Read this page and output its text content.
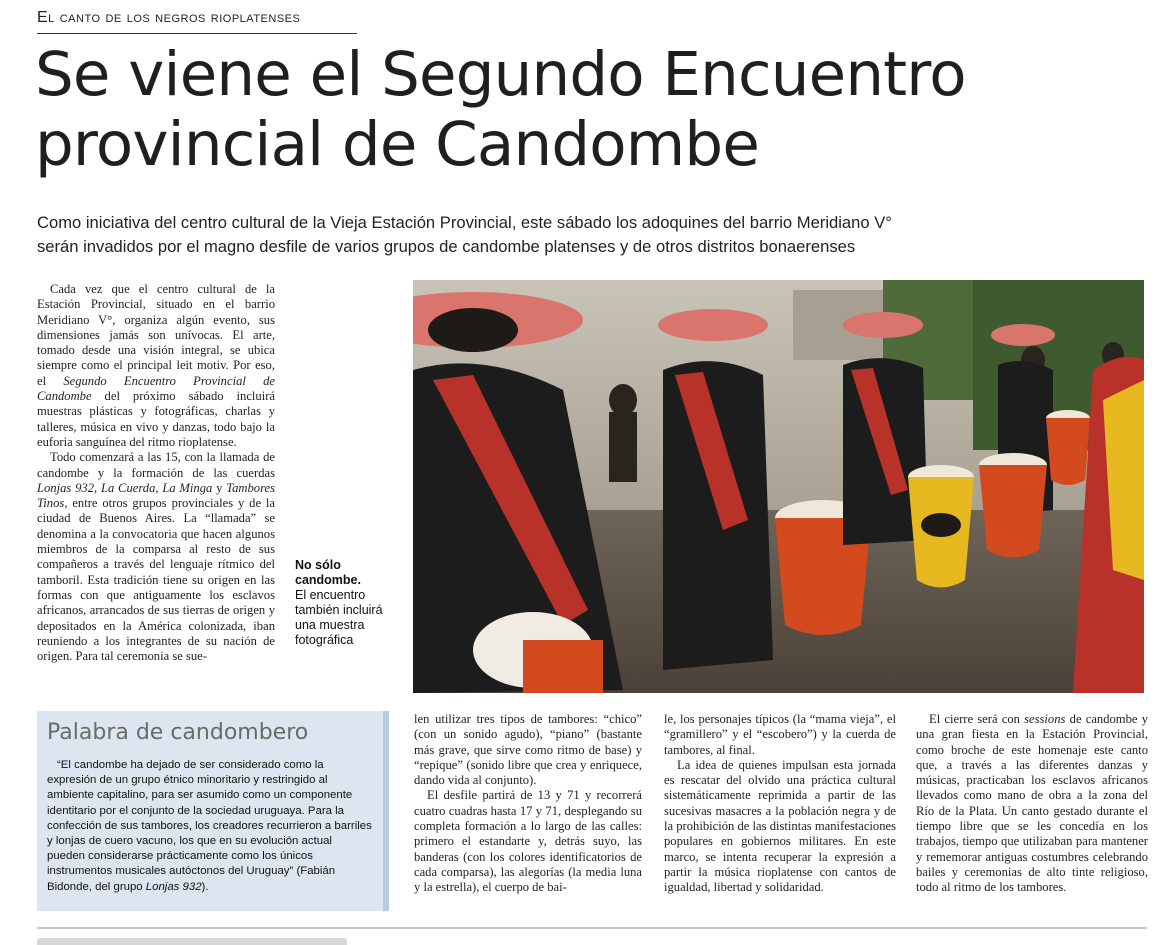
El canto de los negros rioplatenses
Se viene el Segundo Encuentro provincial de Candombe

Como iniciativa del centro cultural de la Vieja Estación Provincial, este sábado los adoquines del barrio Meridiano V° serán invadidos por el magno desfile de varios grupos de candombe platenses y de otros distritos bonaerenses

Cada vez que el centro cultural de la Estación Provincial, situado en el barrio Meridiano V°, organiza algún evento, sus dimensiones jamás son unívocas. El arte, tomado desde una visión integral, se ubica siempre como el principal leit motiv. Por eso, el Segundo Encuentro Provincial de Candombe del próximo sábado incluirá muestras plásticas y fotográficas, charlas y talleres, música en vivo y danzas, todo bajo la euforia sanguínea del ritmo rioplatense.

Todo comenzará a las 15, con la llamada de candombe y la formación de las cuerdas Lonjas 932, La Cuerda, La Minga y Tambores Tinos, entre otros grupos provinciales y de la ciudad de Buenos Aires. La “llamada” se denomina a la convocatoria que hacen algunos miembros de la comparsa al resto de sus compañeros a través del lenguaje rítmico del tamboril. Esta tradición tiene su origen en las formas con que antiguamente los esclavos africanos, arrancados de sus tierras de origen y depositados en la América colonizada, iban reuniendo a los integrantes de su nación de origen. Para tal ceremonia se sue-

No sólo candombe.
El encuentro también incluirá una muestra fotográfica
Palabra de candombero

“El candombe ha dejado de ser considerado como la expresión de un grupo étnico minoritario y restringido al ambiente capitalino, para ser asumido como un componente identitario por el conjunto de la sociedad uruguaya. Para la confección de sus tambores, los creadores recurrieron a barriles y lonjas de cuero vacuno, los que en su evolución actual pueden considerarse prácticamente como los únicos instrumentos musicales autóctonos del Uruguay” (Fabián Bidonde, del grupo Lonjas 932).

len utilizar tres tipos de tambores: “chico” (con un sonido agudo), “piano” (bastante más grave, que sirve como ritmo de base) y “repique” (sonido libre que crea y enriquece, dando vida al conjunto).

El desfile partirá de 13 y 71 y recorrerá cuatro cuadras hasta 17 y 71, desplegando su completa formación a lo largo de las calles: primero el estandarte y, detrás suyo, las banderas (con los colores identificatorios de cada comparsa), las alegorías (la media luna y la estrella), el cuerpo de bai-

le, los personajes típicos (la “mama vieja”, el “gramillero” y el “escobero”) y la cuerda de tambores, al final.

La idea de quienes impulsan esta jornada es rescatar del olvido una práctica cultural sistemáticamente reprimida a partir de las sucesivas masacres a la población negra y de la prohibición de las distintas manifestaciones populares en gobiernos militares. En este marco, se intenta recuperar la expresión a partir la música rioplatense con cantos de igualdad, libertad y solidaridad.

El cierre será con sessions de candombe y una gran fiesta en la Estación Provincial, como broche de este homenaje este canto que, a través a las diferentes danzas y músicas, practicaban los esclavos africanos llevados como mano de obra a la zona del Río de la Plata. Un canto gestado durante el tiempo libre que se les concedía en los trabajos, tiempo que utilizaban para mantener y rememorar antiguas costumbres celebrando bailes y ceremonias de alto tinte religioso, todo al ritmo de los tambores.
